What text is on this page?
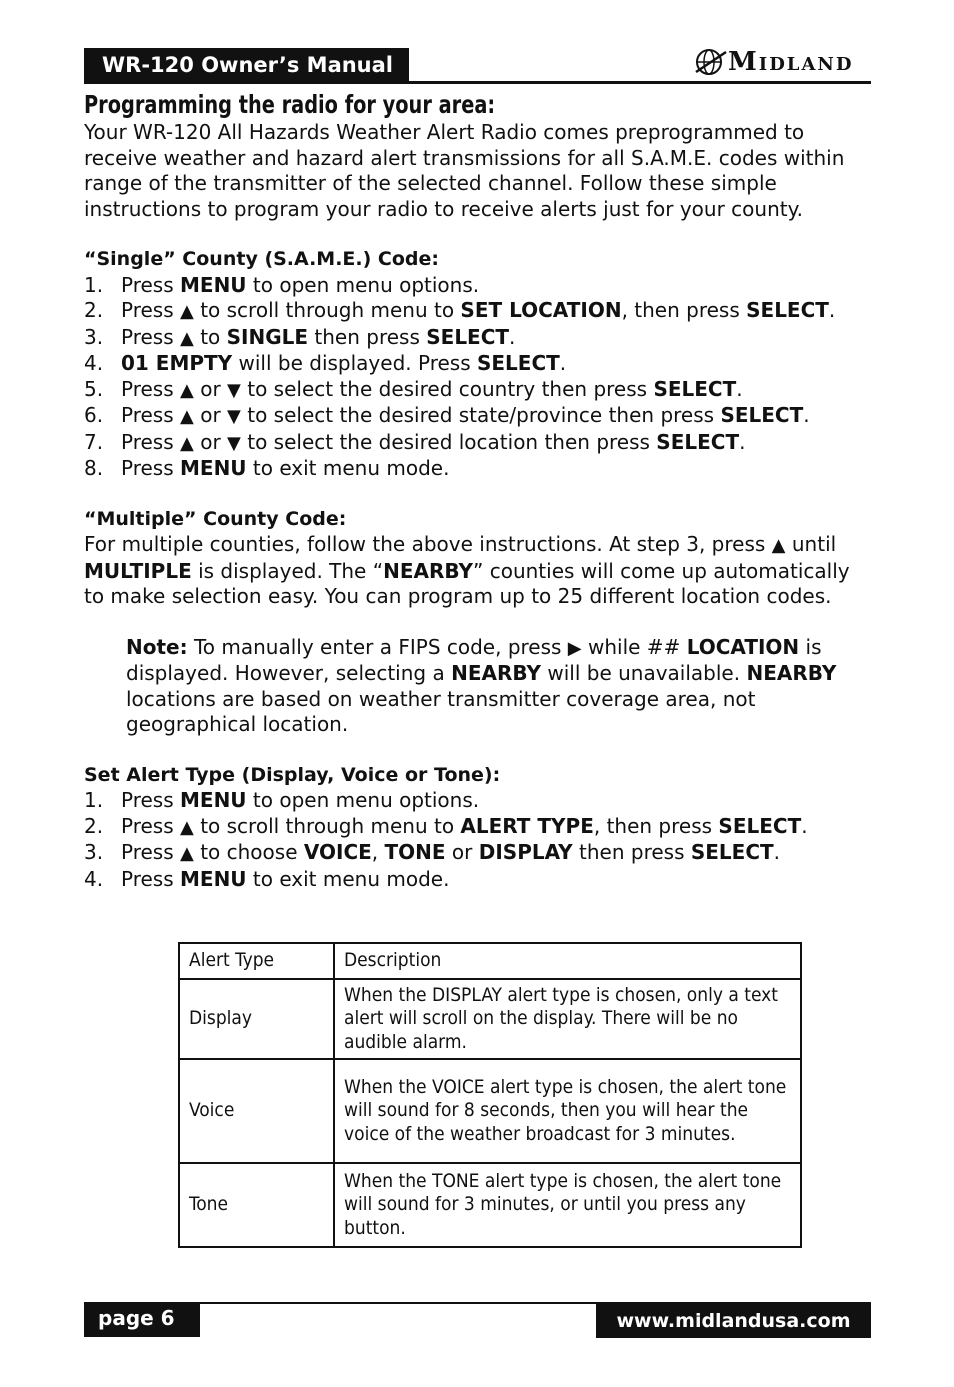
WR-120 Owner’s Manual	MIDLAND
Programming the radio for your area:

Your WR-120 All Hazards Weather Alert Radio comes preprogrammed to receive weather and hazard alert transmissions for all S.A.M.E. codes within range of the transmitter of the selected channel. Follow these simple instructions to program your radio to receive alerts just for your county.

“Single” County (S.A.M.E.) Code:
1. Press MENU to open menu options.
2. Press ▲ to scroll through menu to SET LOCATION, then press SELECT.
3. Press ▲ to SINGLE then press SELECT.
4. 01 EMPTY will be displayed. Press SELECT.
5. Press ▲ or ▼ to select the desired country then press SELECT.
6. Press ▲ or ▼ to select the desired state/province then press SELECT.
7. Press ▲ or ▼ to select the desired location then press SELECT.
8. Press MENU to exit menu mode.
“Multiple” County Code:

For multiple counties, follow the above instructions. At step 3, press ▲ until MULTIPLE is displayed. The “NEARBY” counties will come up automatically to make selection easy. You can program up to 25 different location codes.

Note: To manually enter a FIPS code, press ▶ while ## LOCATION is displayed. However, selecting a NEARBY will be unavailable. NEARBY locations are based on weather transmitter coverage area, not geographical location.

Set Alert Type (Display, Voice or Tone):
1. Press MENU to open menu options.
2. Press ▲ to scroll through menu to ALERT TYPE, then press SELECT.
3. Press ▲ to choose VOICE, TONE or DISPLAY then press SELECT.
4. Press MENU to exit menu mode.
Alert Type	Description
Display	When the DISPLAY alert type is chosen, only a text alert will scroll on the display. There will be no audible alarm.
Voice	When the VOICE alert type is chosen, the alert tone will sound for 8 seconds, then you will hear the voice of the weather broadcast for 3 minutes.
Tone	When the TONE alert type is chosen, the alert tone will sound for 3 minutes, or until you press any button.
page 6	www.midlandusa.com
